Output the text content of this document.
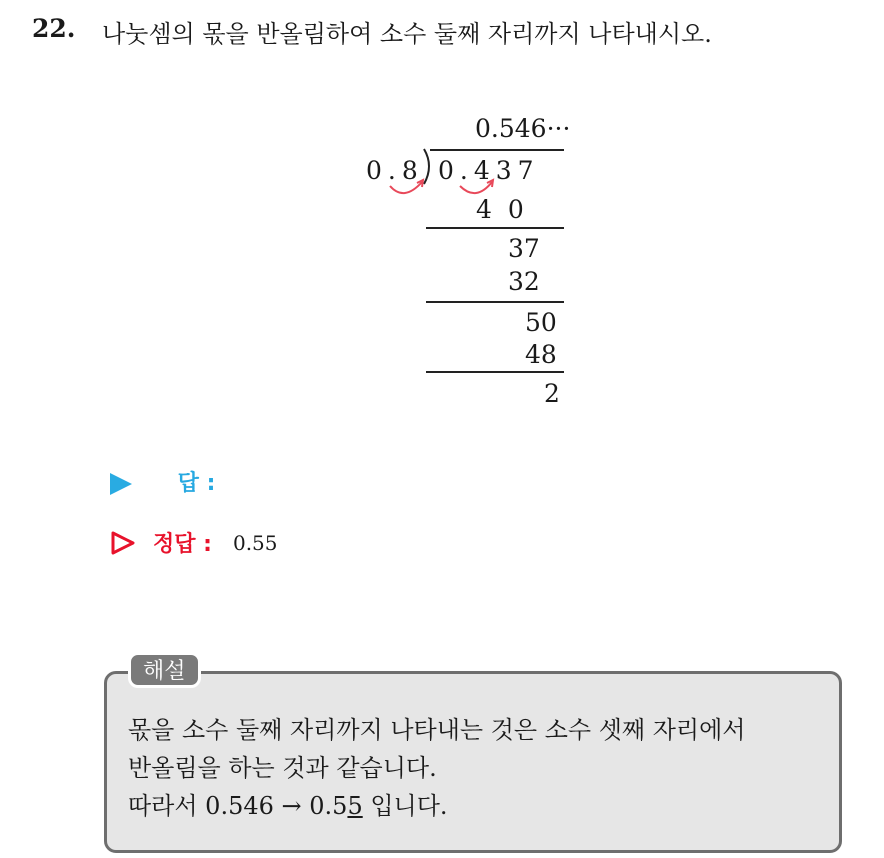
22. 나눗셈의 몫을 반올림하여 소수 둘째 자리까지 나타내시오.
0.546···
0.8 0.437
4 0
37
32
50
48
2
답 :
정답 : 0.55
해설
몫을 소수 둘째 자리까지 나타내는 것은 소수 셋째 자리에서
반올림을 하는 것과 같습니다.
따라서 0.546 → 0.55 입니다.
